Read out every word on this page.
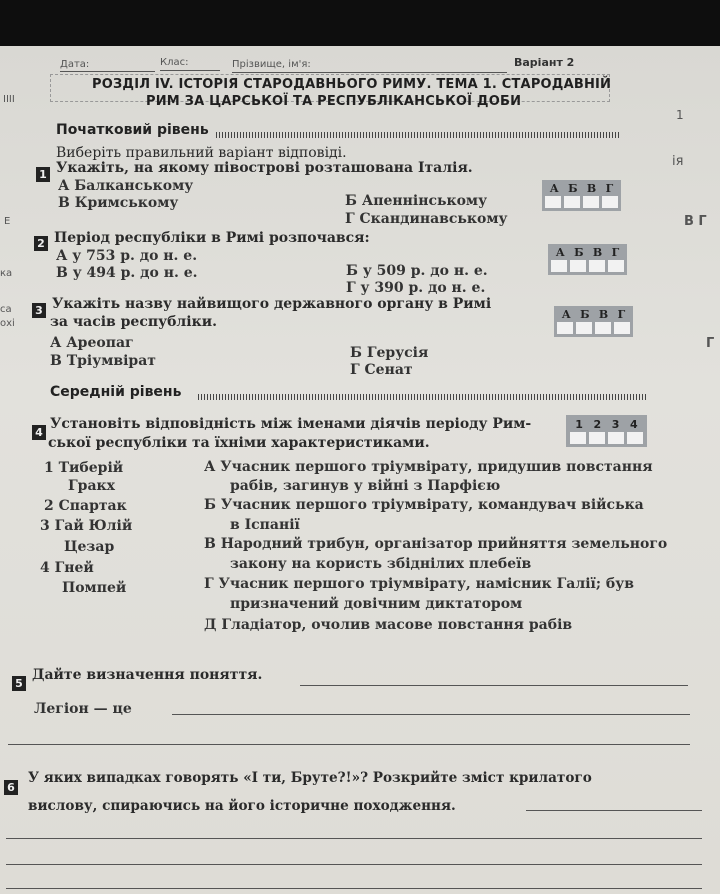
IIII
Е
ка
са
охі
1
ія
В Г
Г
Дата:	Клас:	Прізвище, ім'я:	Варіант 2
РОЗДІЛ IV. ІСТОРІЯ СТАРОДАВНЬОГО РИМУ. ТЕМА 1. СТАРОДАВНІЙ
РИМ ЗА ЦАРСЬКОЇ ТА РЕСПУБЛІКАНСЬКОЇ ДОБИ
Початковий рівень
Виберіть правильний варіант відповіді.
1 Укажіть, на якому півострові розташована Італія.
А Балканському
В Кримському	Б Апеннінському
Г Скандинавському
А Б В Г
2 Період республіки в Римі розпочався:
А у 753 р. до н. е.
В у 494 р. до н. е.	Б у 509 р. до н. е.
Г у 390 р. до н. е.
А Б В Г
3 Укажіть назву найвищого державного органу в Римі
за часів республіки.
А Ареопаг
В Тріумвірат	Б Герусія
Г Сенат
А Б В Г
Середній рівень
4
Установіть відповідність між іменами діячів періоду Рим-
ської республіки та їхніми характеристиками.
1 2 3 4
1 Тиберій
Гракх
2 Спартак
3 Гай Юлій
Цезар
4 Гней
Помпей
А Учасник першого тріумвірату, придушив повстання
рабів, загинув у війні з Парфією
Б Учасник першого тріумвірату, командувач війська
в Іспанії
В Народний трибун, організатор прийняття земельного
закону на користь збіднілих плебеїв
Г Учасник першого тріумвірату, намісник Галії; був
призначений довічним диктатором
Д Гладіатор, очолив масове повстання рабів
5
Дайте визначення поняття.
Легіон — це
6
У яких випадках говорять «І ти, Бруте?!»? Розкрийте зміст крилатого
вислову, спираючись на його історичне походження.
